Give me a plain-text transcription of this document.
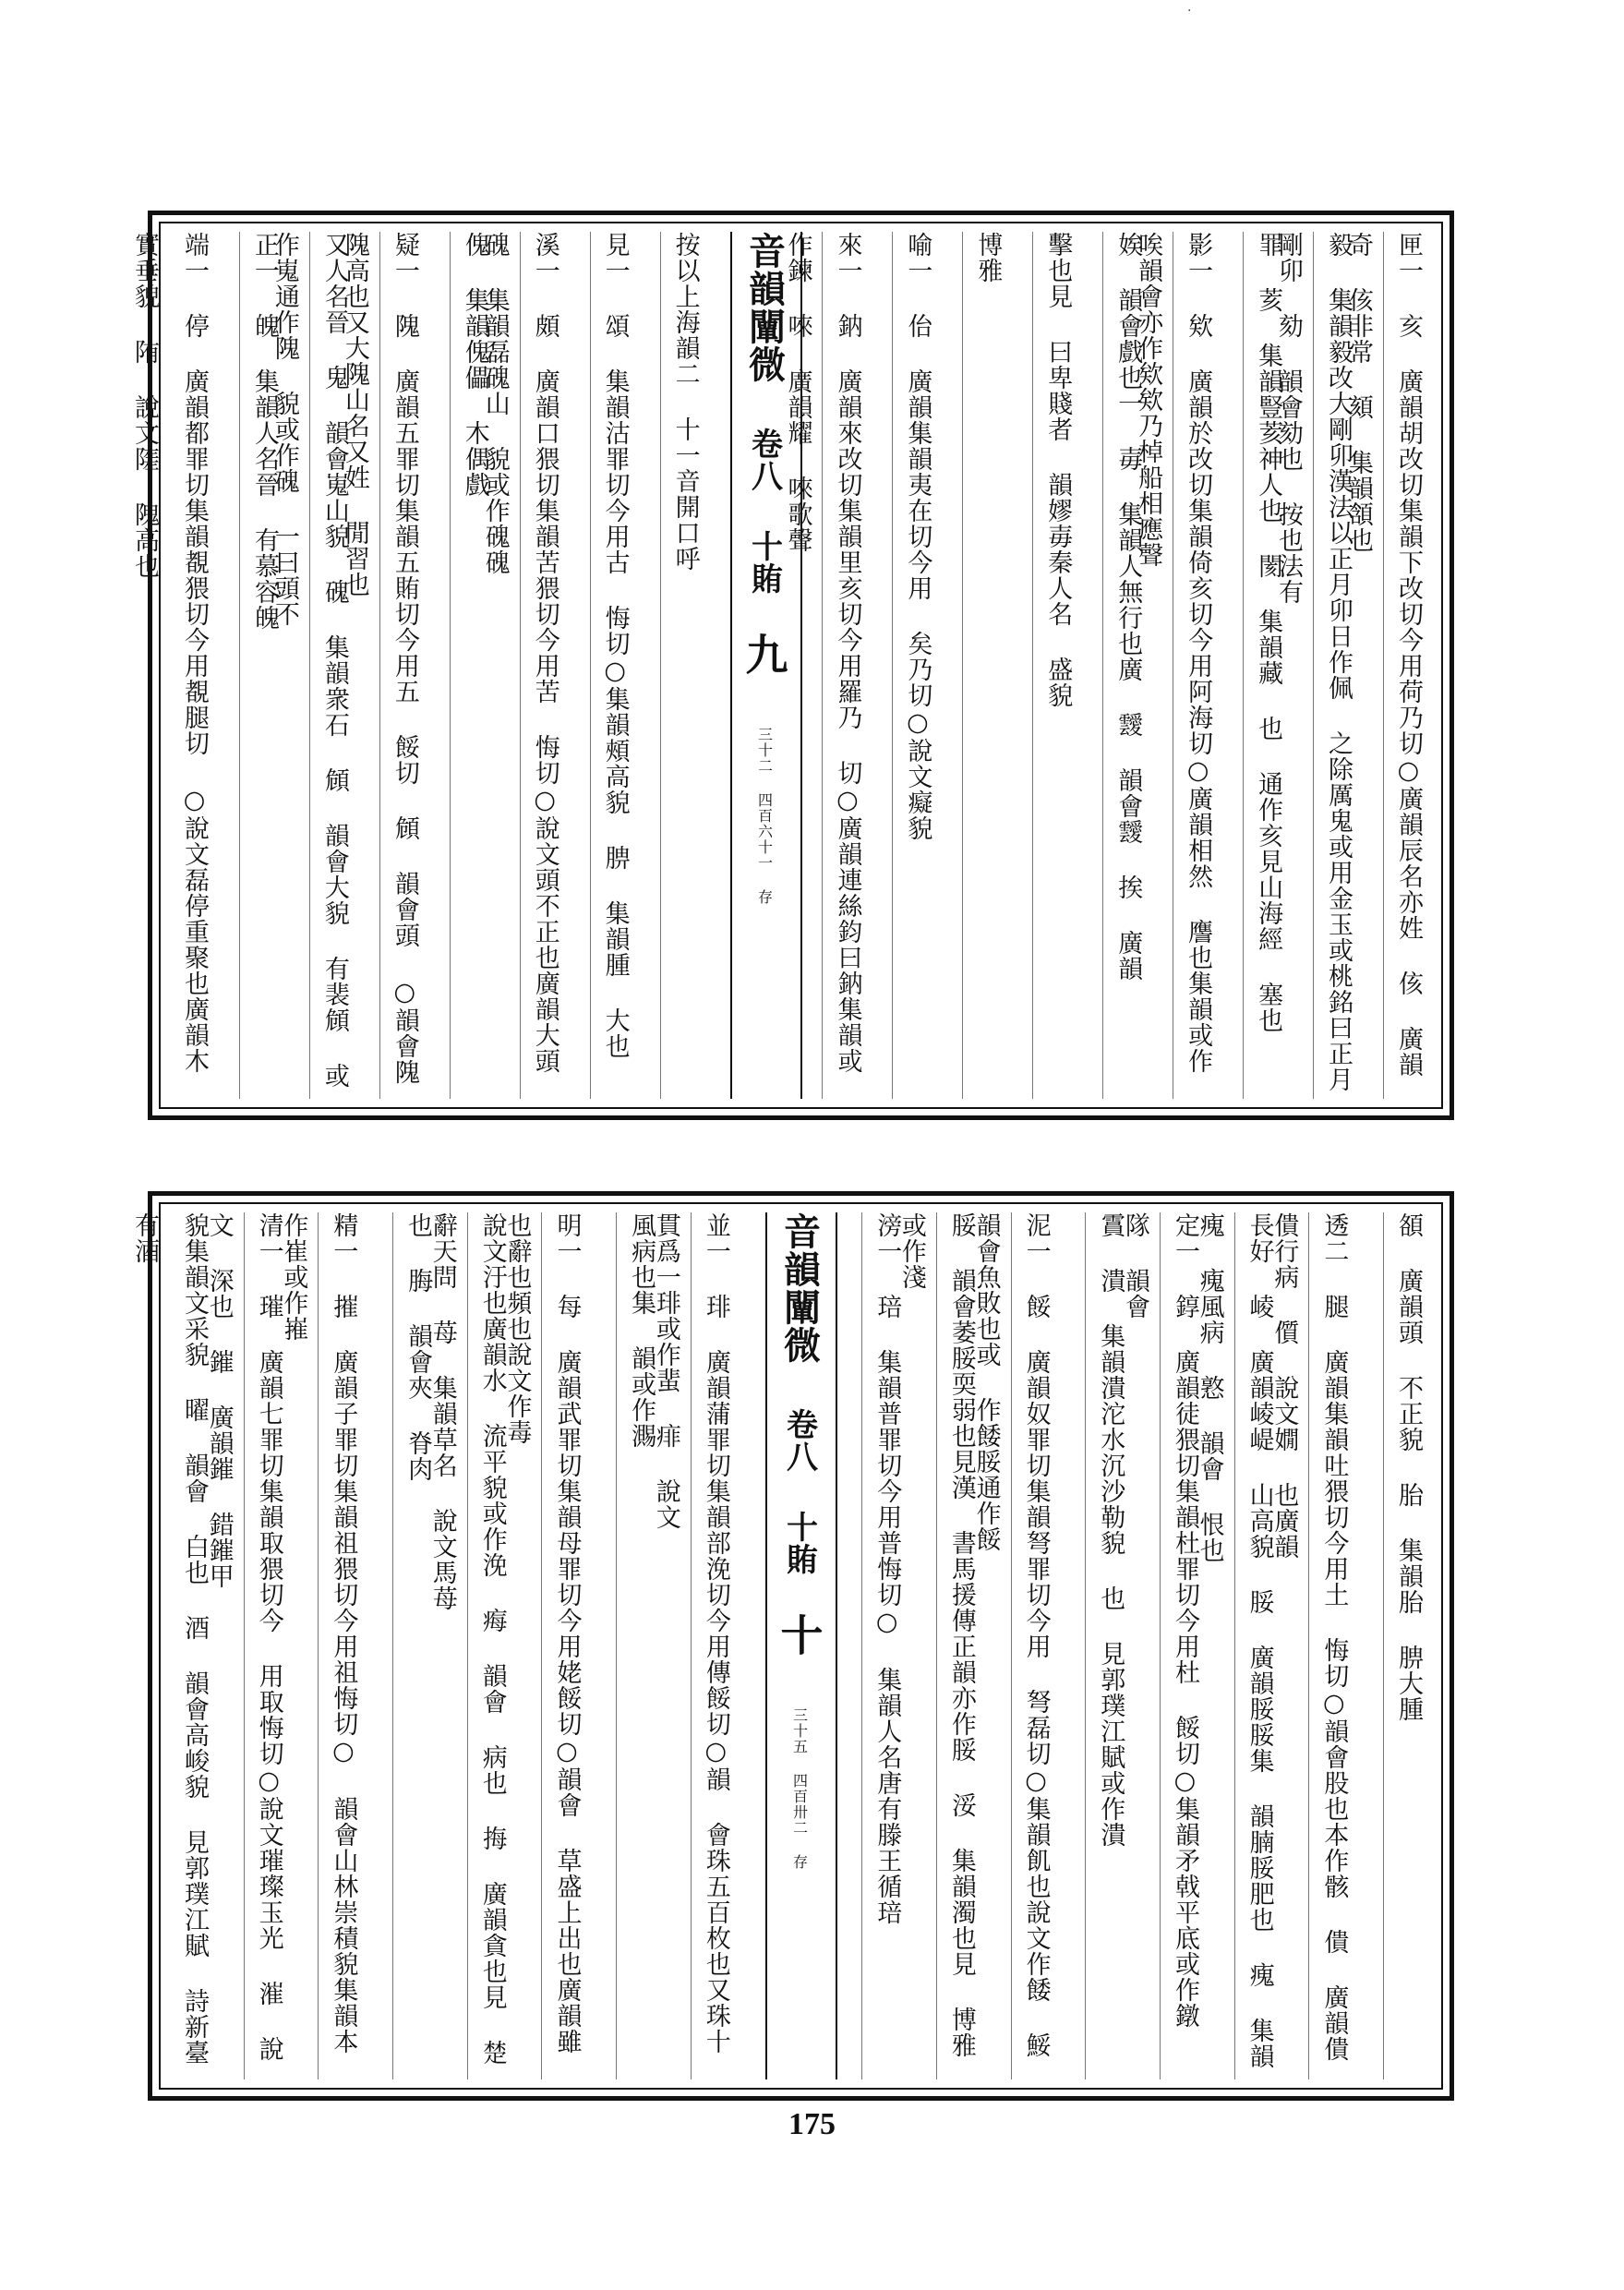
·
匣一 亥 廣韻胡改切集韻下改切今用荷乃切○廣韻辰名亦姓 侅 廣韻奇 侅非常 頦 集韻頷也
毅 集韻毅改大剛卯漢法以正月卯日作佩 之除厲鬼或用金玉或桃銘曰正月剛卯 劾 韻會劾也 按也法有
罪 荄 集韻豎荄神人也 閡 集韻藏 也 通作亥見山海經 塞也
影一 欸 廣韻於改切集韻倚亥切今用阿海切○廣韻相然 譍也集韻或作唉韻會亦作欸欸乃棹船相應聲
娭 韻會戲也一 毐 集韻人無行也廣 靉 韻會靉 挨 廣韻
擊也見 曰卑賤者 韻嫪毐秦人名 盛貌
博雅
喻一 佁 廣韻集韻夷在切今用 矣乃切○說文癡貌
來一 鈉 廣韻來改切集韻里亥切今用羅乃 切○廣韻連絲鈞曰鈉集韻或作鍊 唻 廣韻耀 唻歌聲
音韻闡微 卷八 十賄 九 三十二 四百六十一 存
按以上海韻二 十一音開口呼
見一 頌 集韻沽罪切今用古 悔切○集韻頰高貌 腗 集韻腫 大也
溪一 頗 廣韻口猥切集韻苦猥切今用苦 悔切○說文頭不正也廣韻大頭 磈 集韻磊磈山 貌或作磈磈
傀 集韻傀儡 木偶戲
疑一 隗 廣韻五罪切集韻五賄切今用五 餒切 頠 韻會頭 ○韻會隗隗高也又大隗山名又姓 閒習也
又人名晉 鬼 韻會嵬山貌 磈 集韻衆石 頠 韻會大貌 有裴頠 或作嵬通作隗 貌或作磈 一曰頭不
正一 魄 集韻人名晉 有慕容魄
端一 停 廣韻都罪切集韻覩猥切今用覩腿切 ○說文磊停重聚也廣韻木實垂貌 陏 說文隓 隗高也
頟 廣韻頭 不正貌 胎 集韻胎 腗大腫
透二 腿 廣韻集韻吐猥切今用土 悔切○韻會股也本作骸 僓 廣韻僓 僓行病 儨 說文嫺 也廣韻
長好 崚 廣韻崚崼 山高貌 脮 廣韻脮脮集 韻腩脮肥也 瘣 集韻瘣 瘣風病 憝 韻會 恨也
定一 錞 廣韻徒猥切集韻杜罪切今用杜 餒切○集韻矛戟平底或作鐓 隊 韻會
霣 潰 集韻潰沱水沉沙勒貌 也 見郭璞江賦或作潰
泥一 餒 廣韻奴罪切集韻弩罪切今用 弩磊切○集韻飢也說文作餧 鮾 韻會魚敗也或 作餧脮通作餒
脮 韻會萎脮耎弱也見漢 書馬援傳正韻亦作脮 浽 集韻濁也見 博雅或作淺
滂一 琣 集韻普罪切今用普悔切○ 集韻人名唐有滕王循琣
音韻闡微 卷八 十賄 十 三十五 四百卅二 存
並一 琲 廣韻蒲罪切集韻部浼切今用傳餒切○韻 會珠五百枚也又珠十貫爲一琲或作蜚 痱 說文
風病也集 韻或作瀃
明一 每 廣韻武罪切集韻母罪切今用姥餒切○韻會 草盛上出也廣韻雖也辭也頻也說文作毒
說文汙也廣韻水 流平貌或作浼 痗 韻會 病也 挴 廣韻貪也見 楚辭天問 苺 集韻草名 說文馬苺
也 脢 韻會夾 脊肉
精一 摧 廣韻子罪切集韻祖猥切今用祖悔切○ 韻會山林崇積貌集韻本作崔或作嶊
清一 璀 廣韻七罪切集韻取猥切今 用取悔切○說文璀璨玉光 漼 說文 深也 鏙 廣韻鏙 錯鏙甲
貌集韻文采貌 曜 韻會 白也 酒 韻會高峻貌 見郭璞江賦 詩新臺有酒
175
